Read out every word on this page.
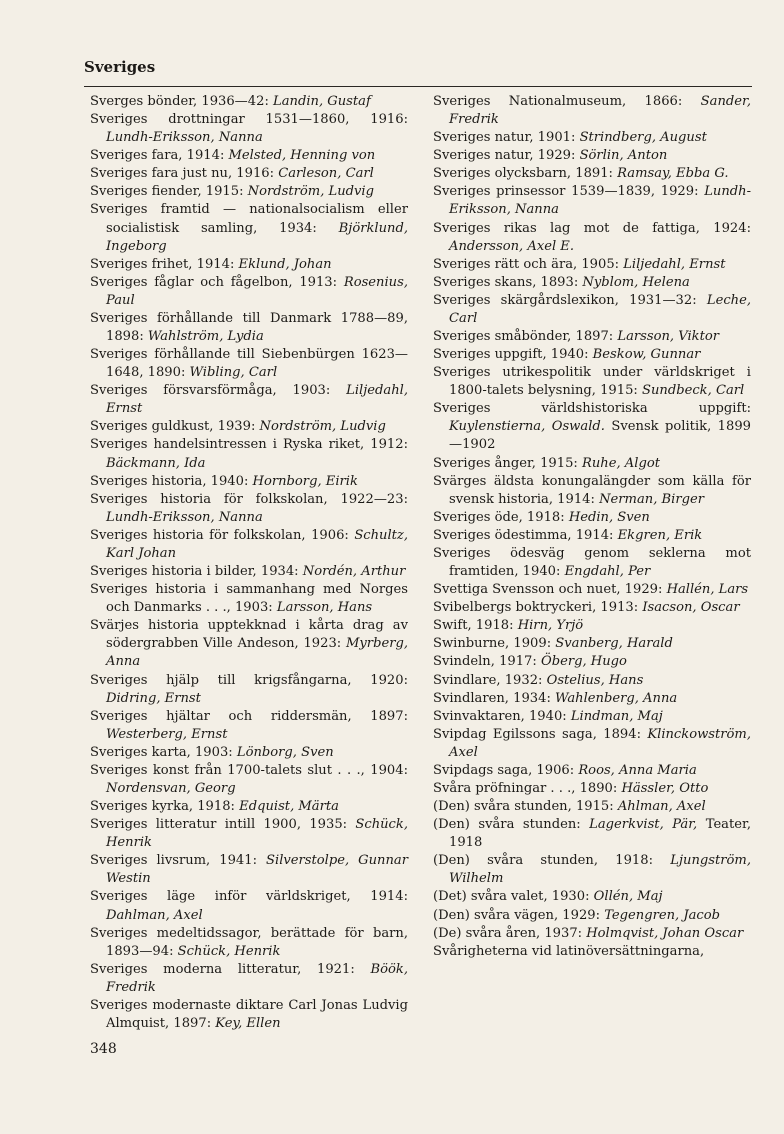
Sveriges
Sverges bönder, 1936—42: Landin, Gustaf
Sveriges drottningar 1531—1860, 1916: Lundh-Eriksson, Nanna
Sveriges fara, 1914: Melsted, Henning von
Sveriges fara just nu, 1916: Carleson, Carl
Sveriges fiender, 1915: Nordström, Ludvig
Sveriges framtid — nationalsocialism eller socialistisk samling, 1934: Björklund, Ingeborg
Sveriges frihet, 1914: Eklund, Johan
Sveriges fåglar och fågelbon, 1913: Rosenius, Paul
Sveriges förhållande till Danmark 1788—89, 1898: Wahlström, Lydia
Sveriges förhållande till Siebenbürgen 1623—1648, 1890: Wibling, Carl
Sveriges försvarsförmåga, 1903: Liljedahl, Ernst
Sveriges guldkust, 1939: Nordström, Ludvig
Sveriges handelsintressen i Ryska riket, 1912: Bäckmann, Ida
Sveriges historia, 1940: Hornborg, Eirik
Sveriges historia för folkskolan, 1922—23: Lundh-Eriksson, Nanna
Sveriges historia för folkskolan, 1906: Schultz, Karl Johan
Sveriges historia i bilder, 1934: Nordén, Arthur
Sveriges historia i sammanhang med Norges och Danmarks . . ., 1903: Larsson, Hans
Svärjes historia upptekknad i kårta drag av södergrabben Ville Andeson, 1923: Myrberg, Anna
Sveriges hjälp till krigsfångarna, 1920: Didring, Ernst
Sveriges hjältar och riddersmän, 1897: Westerberg, Ernst
Sveriges karta, 1903: Lönborg, Sven
Sveriges konst från 1700-talets slut . . ., 1904: Nordensvan, Georg
Sveriges kyrka, 1918: Edquist, Märta
Sveriges litteratur intill 1900, 1935: Schück, Henrik
Sveriges livsrum, 1941: Silverstolpe, Gunnar Westin
Sveriges läge inför världskriget, 1914: Dahlman, Axel
Sveriges medeltidssagor, berättade för barn, 1893—94: Schück, Henrik
Sveriges moderna litteratur, 1921: Böök, Fredrik
Sveriges modernaste diktare Carl Jonas Ludvig Almquist, 1897: Key, Ellen
Sveriges Nationalmuseum, 1866: Sander, Fredrik
Sveriges natur, 1901: Strindberg, August
Sveriges natur, 1929: Sörlin, Anton
Sveriges olycksbarn, 1891: Ramsay, Ebba G.
Sveriges prinsessor 1539—1839, 1929: Lundh-Eriksson, Nanna
Sveriges rikas lag mot de fattiga, 1924: Andersson, Axel E.
Sveriges rätt och ära, 1905: Liljedahl, Ernst
Sveriges skans, 1893: Nyblom, Helena
Sveriges skärgårdslexikon, 1931—32: Leche, Carl
Sveriges småbönder, 1897: Larsson, Viktor
Sveriges uppgift, 1940: Beskow, Gunnar
Sveriges utrikespolitik under världskriget i 1800-talets belysning, 1915: Sundbeck, Carl
Sveriges världshistoriska uppgift: Kuylenstierna, Oswald. Svensk politik, 1899—1902
Sveriges ånger, 1915: Ruhe, Algot
Svärges äldsta konungalängder som källa för svensk historia, 1914: Nerman, Birger
Sveriges öde, 1918: Hedin, Sven
Sveriges ödestimma, 1914: Ekgren, Erik
Sveriges ödesväg genom seklerna mot framtiden, 1940: Engdahl, Per
Svettiga Svensson och nuet, 1929: Hallén, Lars
Svibelbergs boktryckeri, 1913: Isacson, Oscar
Swift, 1918: Hirn, Yrjö
Swinburne, 1909: Svanberg, Harald
Svindeln, 1917: Öberg, Hugo
Svindlare, 1932: Ostelius, Hans
Svindlaren, 1934: Wahlenberg, Anna
Svinvaktaren, 1940: Lindman, Maj
Svipdag Egilssons saga, 1894: Klinckowström, Axel
Svipdags saga, 1906: Roos, Anna Maria
Svåra pröfningar . . ., 1890: Hässler, Otto
(Den) svåra stunden, 1915: Ahlman, Axel
(Den) svåra stunden: Lagerkvist, Pär, Teater, 1918
(Den) svåra stunden, 1918: Ljungström, Wilhelm
(Det) svåra valet, 1930: Ollén, Maj
(Den) svåra vägen, 1929: Tegengren, Jacob
(De) svåra åren, 1937: Holmqvist, Johan Oscar
Svårigheterna vid latinöversättningarna,
348
